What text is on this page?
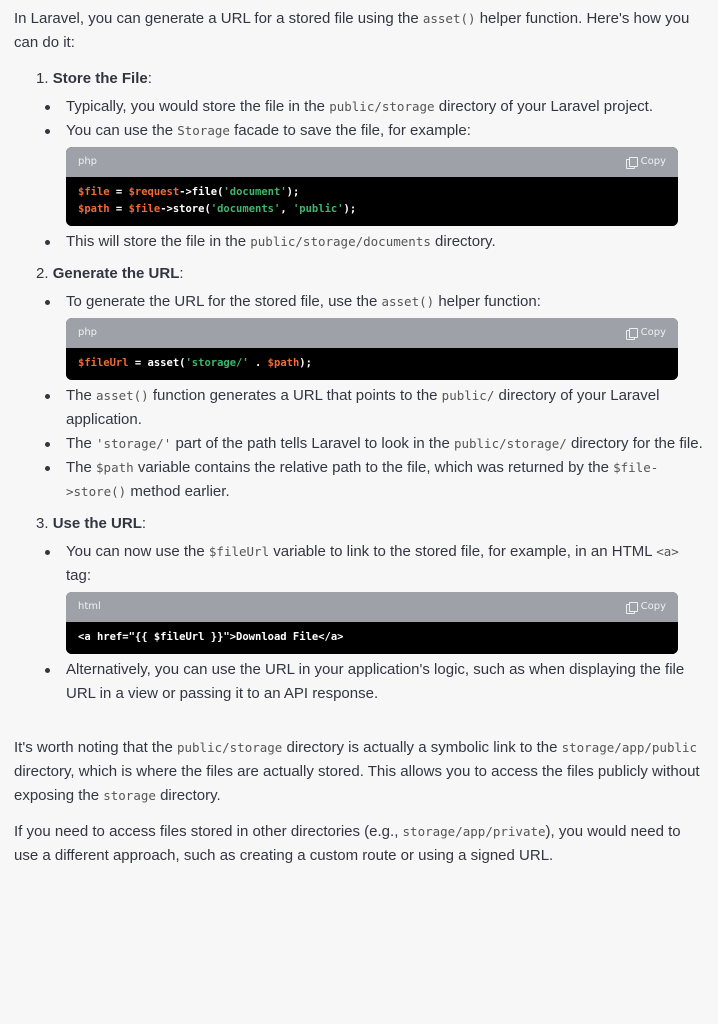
In Laravel, you can generate a URL for a stored file using the asset() helper function. Here's how you can do it:

1. Store the File:

Typically, you would store the file in the public/storage directory of your Laravel project.
You can use the Storage facade to save the file, for example:
php	Copy
$file = $request->file('document');
$path = $file->store('documents', 'public');
This will store the file in the public/storage/documents directory.

2. Generate the URL:

To generate the URL for the stored file, use the asset() helper function:
php	Copy
$fileUrl = asset('storage/' . $path);
The asset() function generates a URL that points to the public/ directory of your Laravel application.
The 'storage/' part of the path tells Laravel to look in the public/storage/ directory for the file.
The $path variable contains the relative path to the file, which was returned by the $file->store() method earlier.

3. Use the URL:

You can now use the $fileUrl variable to link to the stored file, for example, in an HTML <a> tag:
html	Copy
<a href="{{ $fileUrl }}">Download File</a>
Alternatively, you can use the URL in your application's logic, such as when displaying the file URL in a view or passing it to an API response.

It's worth noting that the public/storage directory is actually a symbolic link to the storage/app/public directory, which is where the files are actually stored. This allows you to access the files publicly without exposing the storage directory.

If you need to access files stored in other directories (e.g., storage/app/private), you would need to use a different approach, such as creating a custom route or using a signed URL.
